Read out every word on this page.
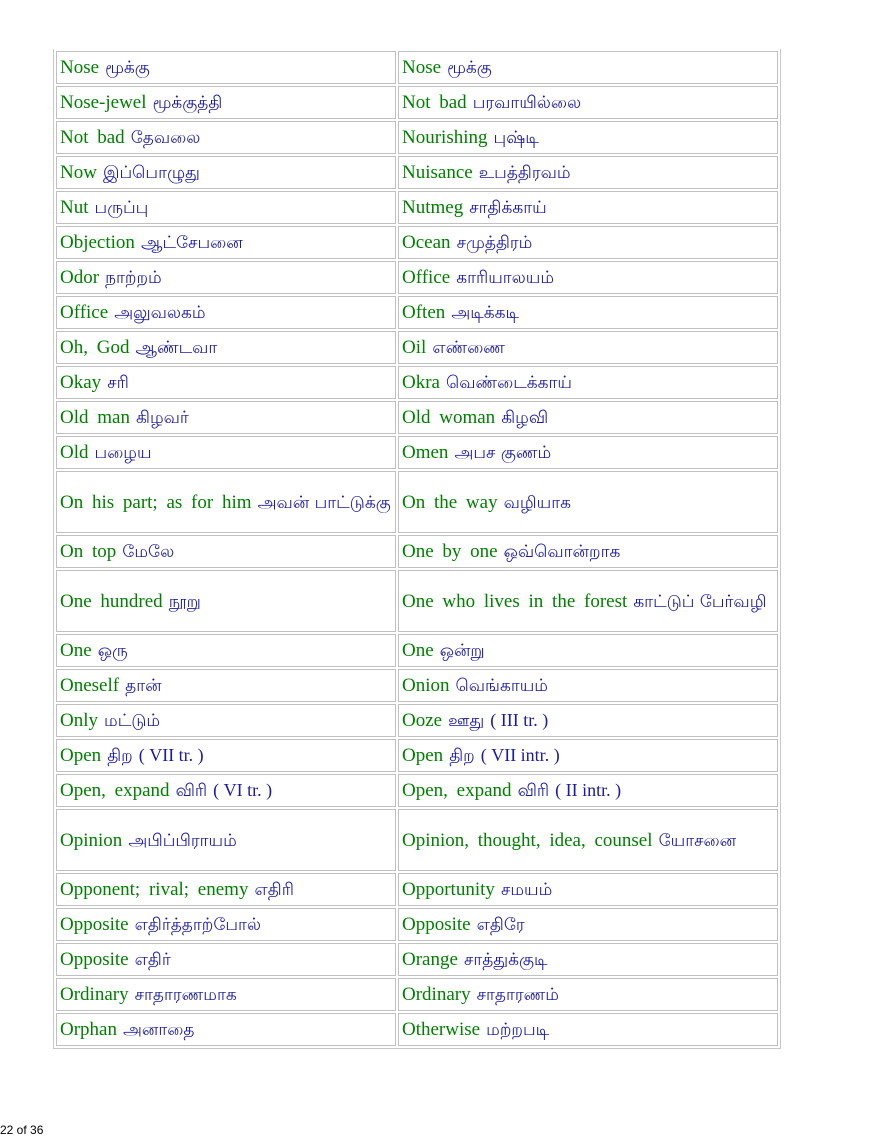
Nose மூக்கு	Nose மூக்கு
Nose-jewel மூக்குத்தி	Not bad பரவாயில்லை
Not bad தேவலை	Nourishing புஷ்டி
Now இப்பொழுது	Nuisance உபத்திரவம்
Nut பருப்பு	Nutmeg சாதிக்காய்
Objection ஆட்சேபனை	Ocean சமுத்திரம்
Odor நாற்றம்	Office காரியாலயம்
Office அலுவலகம்	Often அடிக்கடி
Oh, God ஆண்டவா	Oil எண்ணை
Okay சரி	Okra வெண்டைக்காய்
Old man கிழவர்	Old woman கிழவி
Old பழைய	Omen அபச குணம்
On his part; as for him அவன் பாட்டுக்கு	On the way வழியாக
On top மேலே	One by one ஒவ்வொன்றாக
One hundred நூறு	One who lives in the forest காட்டுப் பேர்வழி
One ஒரு	One ஒன்று
Oneself தான்	Onion வெங்காயம்
Only மட்டும்	Ooze ஊது ( III tr. )
Open திற ( VII tr. )	Open திற ( VII intr. )
Open, expand விரி ( VI tr. )	Open, expand விரி ( II intr. )
Opinion அபிப்பிராயம்	Opinion, thought, idea, counsel யோசனை
Opponent; rival; enemy எதிரி	Opportunity சமயம்
Opposite எதிர்த்தாற்போல்	Opposite எதிரே
Opposite எதிர்	Orange சாத்துக்குடி
Ordinary சாதாரணமாக	Ordinary சாதாரணம்
Orphan அனாதை	Otherwise மற்றபடி
22 of 36
